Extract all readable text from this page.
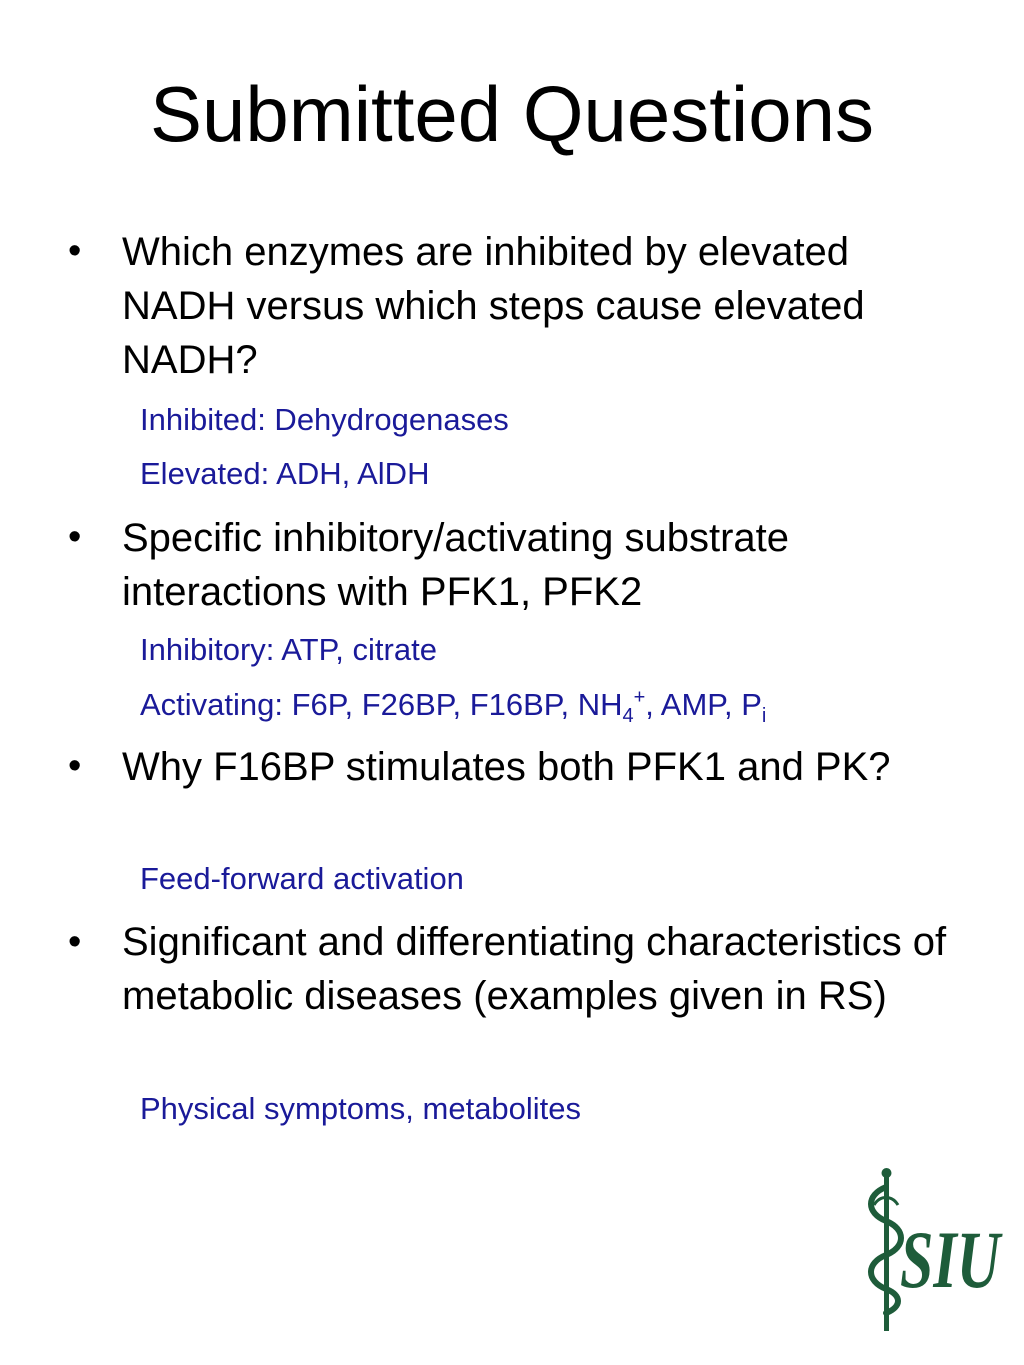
Submitted Questions
• Which enzymes are inhibited by elevated NADH versus which steps cause elevated NADH?
Inhibited: Dehydrogenases
Elevated: ADH, AlDH
• Specific inhibitory/activating substrate interactions with PFK1, PFK2
Inhibitory: ATP, citrate
Activating: F6P, F26BP, F16BP, $NH_4^+$, AMP, $P_i$
• Why F16BP stimulates both PFK1 and PK?
Feed-forward activation
• Significant and differentiating characteristics of metabolic diseases (examples given in RS)
Physical symptoms, metabolites
SIU
